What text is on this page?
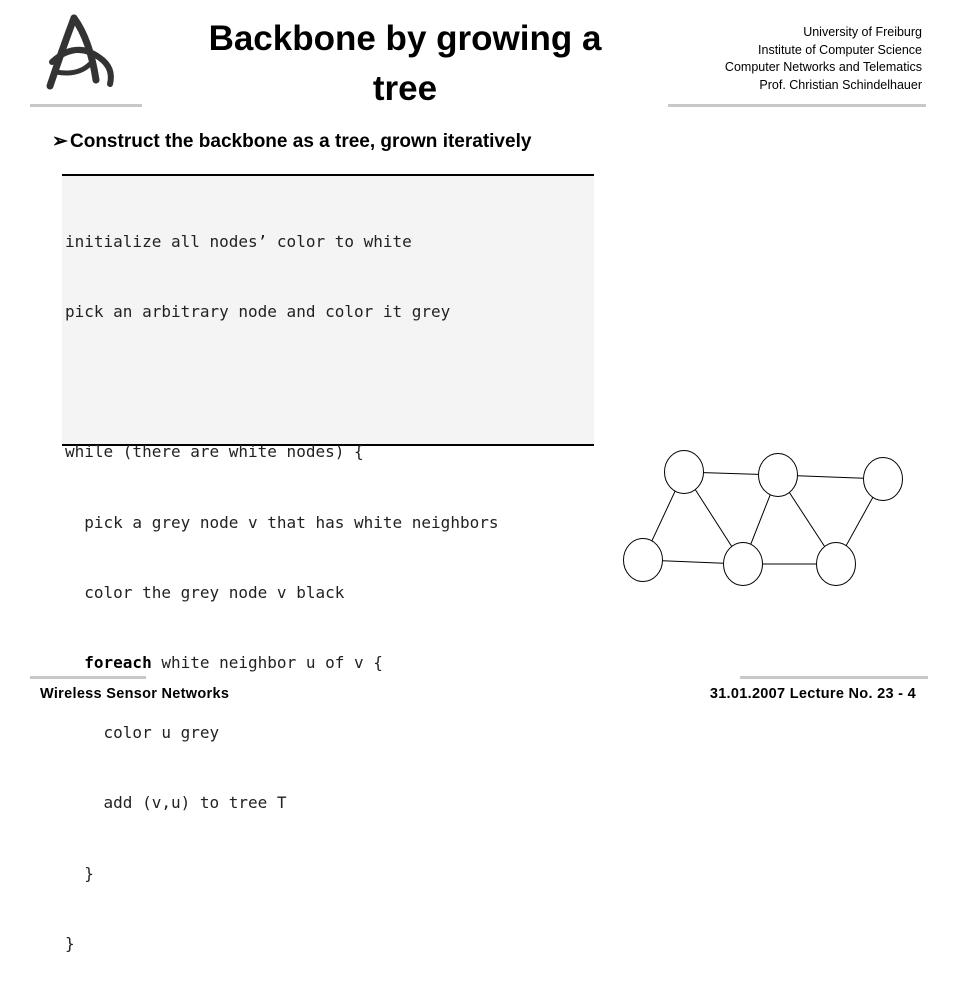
Backbone by growing a
tree
University of Freiburg
Institute of Computer Science
Computer Networks and Telematics
Prof. Christian Schindelhauer
➢ Construct the backbone as a tree, grown iteratively

initialize all nodes’ color to white

pick an arbitrary node and color it grey

while (there are white nodes) {

pick a grey node v that has white neighbors

color the grey node v black

foreach white neighbor u of v {

color u grey

add (v,u) to tree T

}

}

Wireless Sensor Networks	31.01.2007 Lecture No. 23 - 4
